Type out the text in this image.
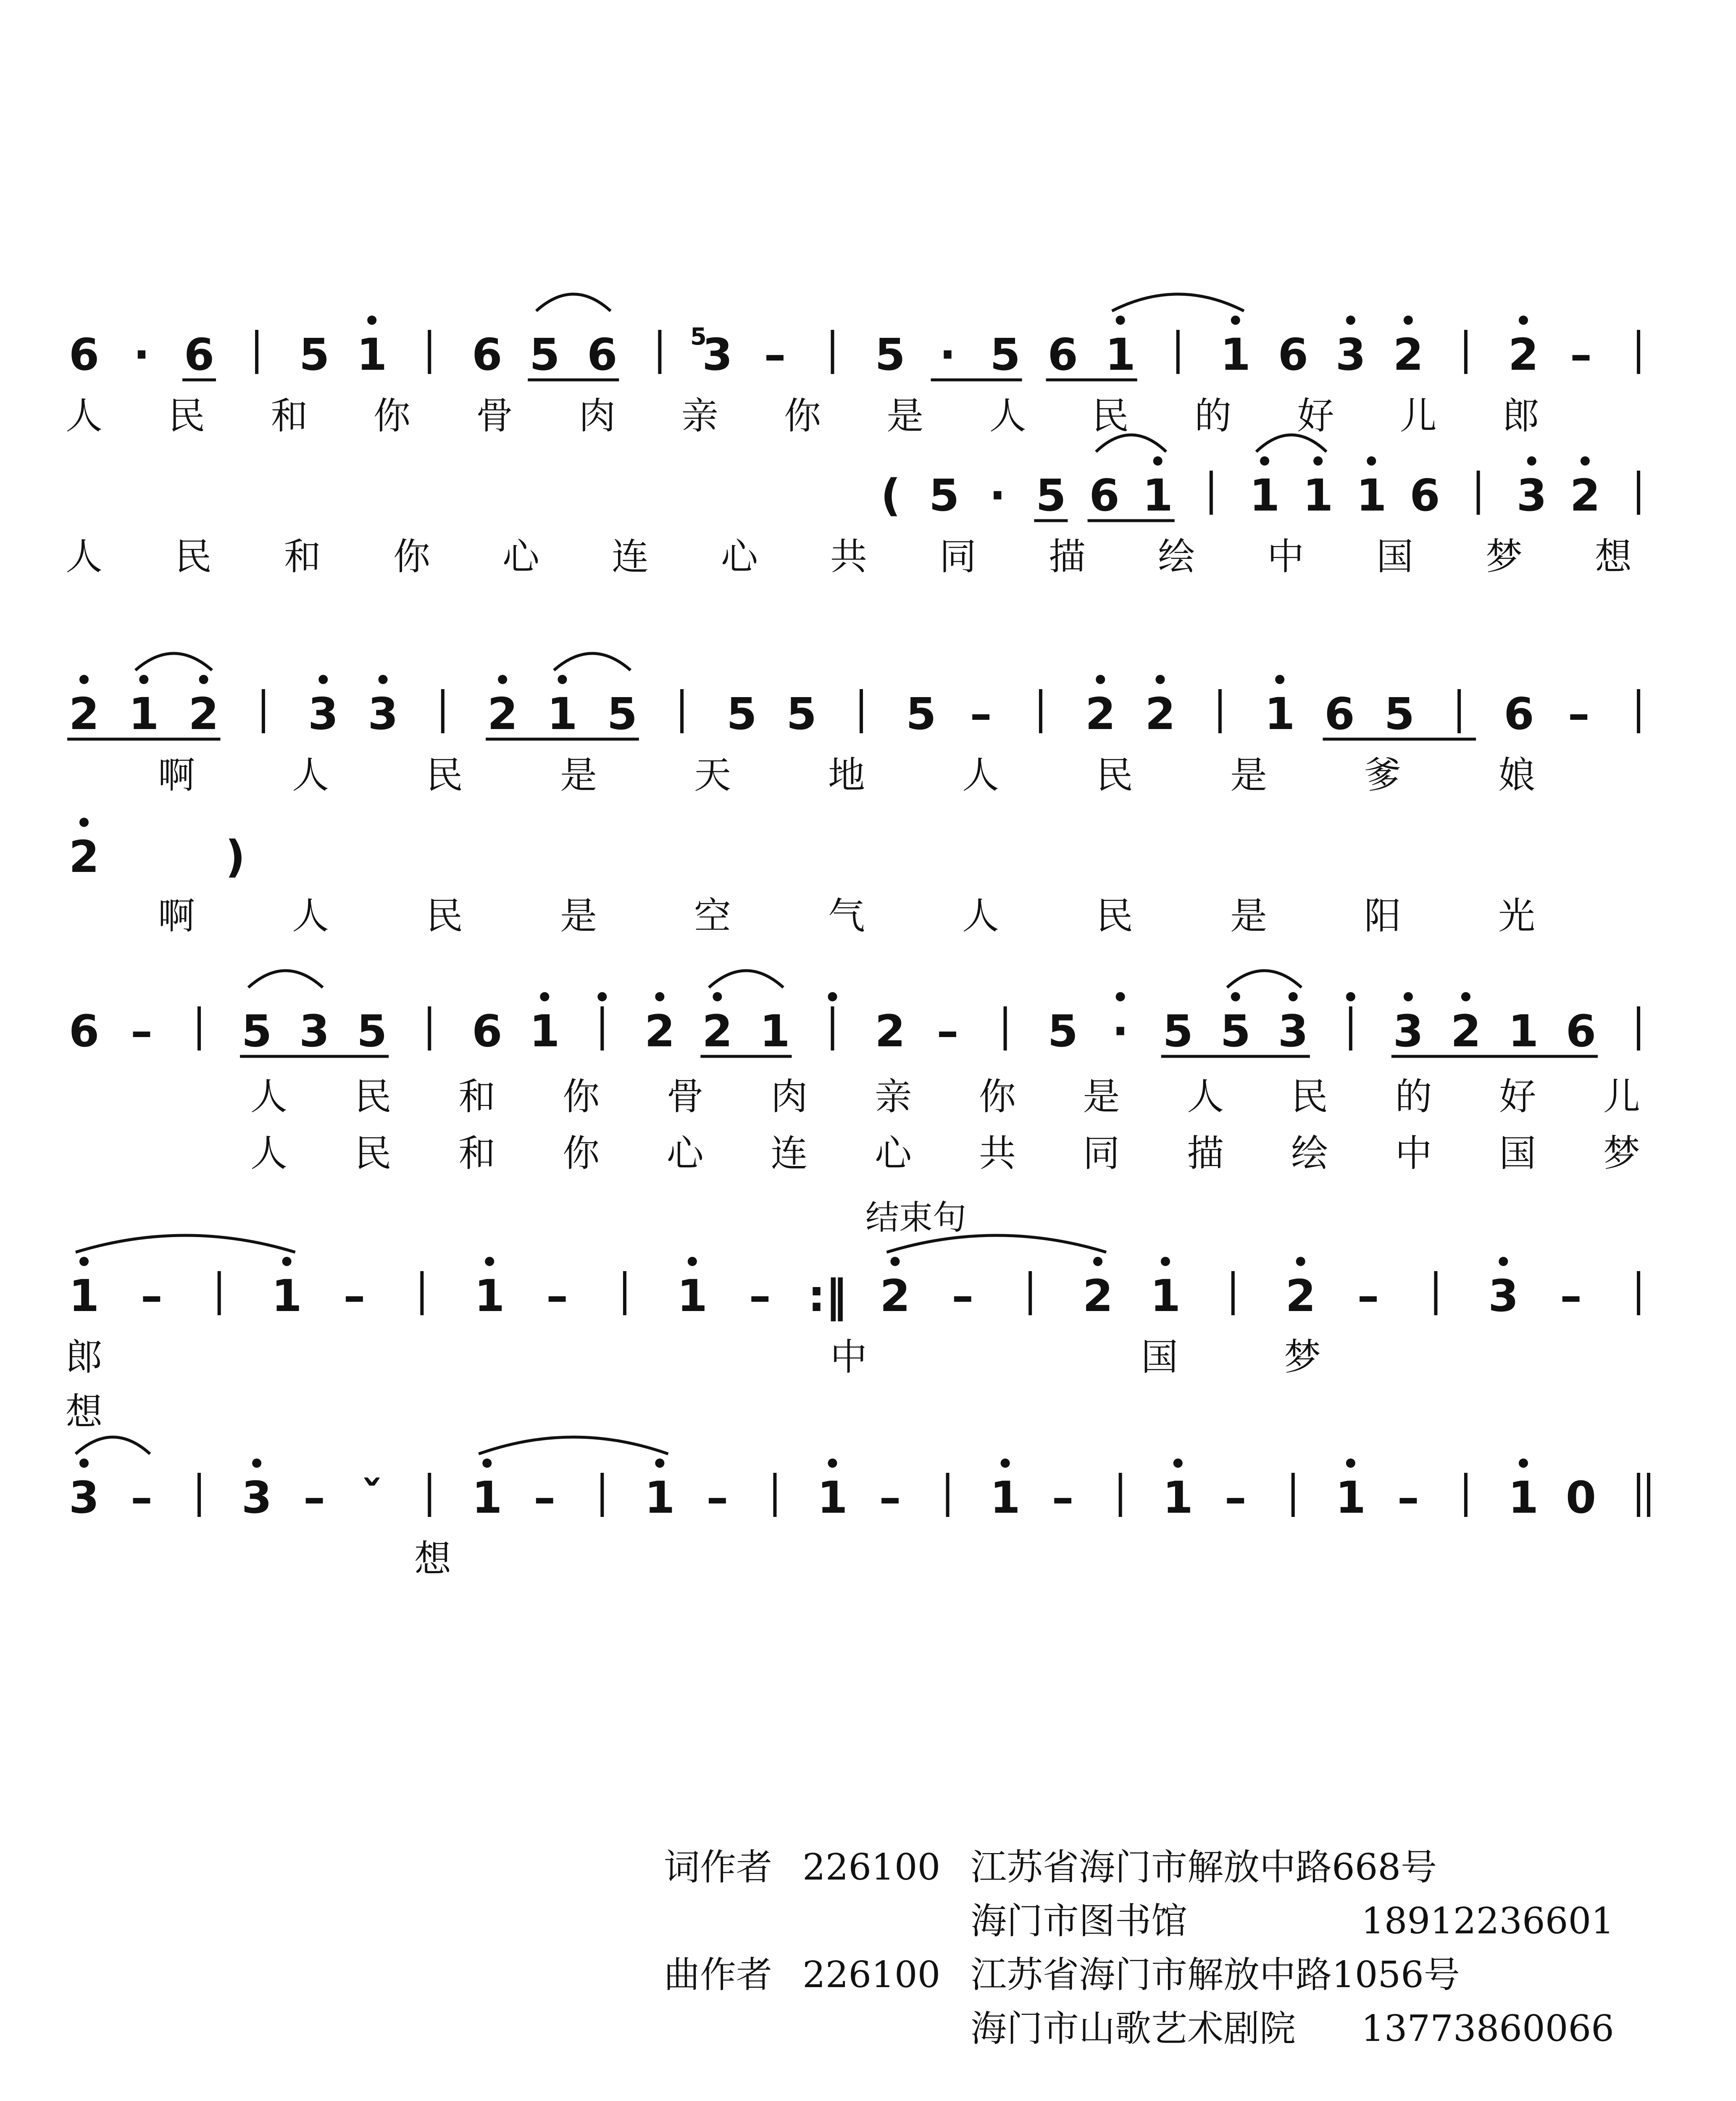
6 · 6 5 1 6 5 6 3 – 5 · 5 6 1 1 6 3 2 2 –
5
人 民 和 你 骨 肉 亲 你 是 人 民 的 好 儿 郎
( 5 · 5 6 1 1 1 1 6 3 2
人 民 和 你 心 连 心 共 同 描 绘 中 国 梦 想
2 1 2 3 3 2 1 5 5 5 5 – 2 2 1 6 5 6 –
啊	人	民	是	天	地	人	民	是	爹	娘
2	)
啊	人	民	是	空	气	人	民	是	阳	光
6 – 5 3 5 6 1 2 2 1 2 – 5 · 5 5 3 3 2 1 6
人 民 和 你 骨 肉 亲 你 是 人 民 的 好 儿
人 民 和 你 心 连 心 共 同 描 绘 中 国 梦
1 – 1 – 1 – 1 – :‖ 2 – 2 1 2 – 3 –
结束句
郎	中	国	梦
想
3 – 3 – ˇ 1 – 1 – 1 – 1 – 1 – 1 – 1 0
想
词作者 226100 江苏省海门市解放中路668号
海门市图书馆	18912236601
曲作者 226100 江苏省海门市解放中路1056号
海门市山歌艺术剧院	13773860066
